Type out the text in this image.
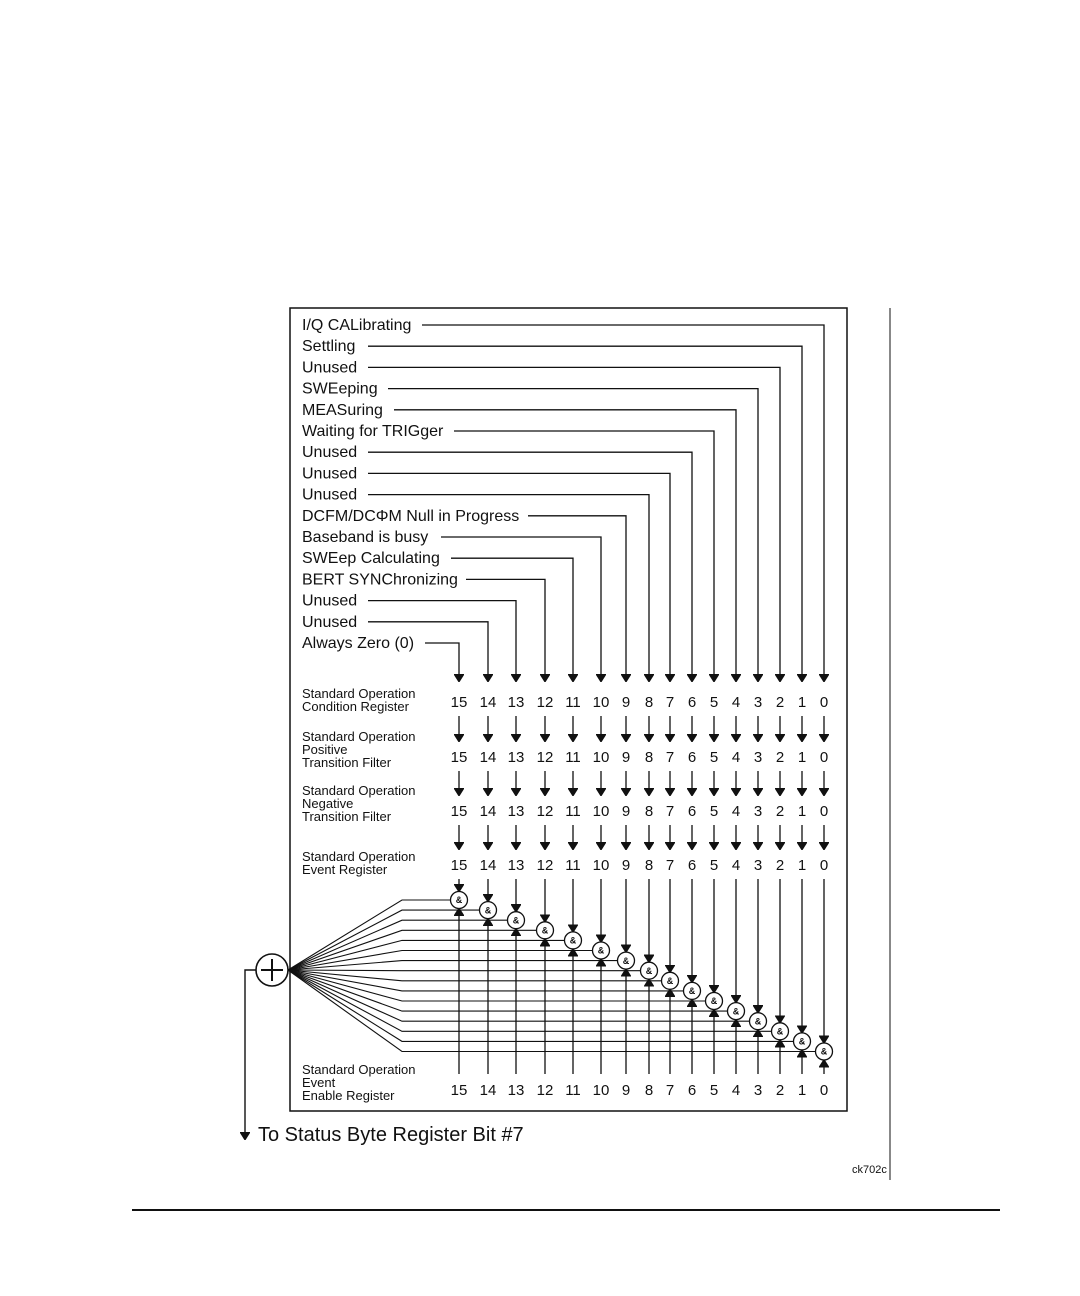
I/Q CALibrating
Settling
Unused
SWEeping
MEASuring
Waiting for TRIGger
Unused
Unused
Unused
DCFM/DCΦM Null in Progress
Baseband is busy
SWEep Calculating
BERT SYNChronizing
Unused
Unused
Always Zero (0)
Standard Operation
Condition Register	15 14 13 12 11 10 9 8 7 6 5 4 3 2 1 0
Standard Operation
Positive
Transition Filter	15 14 13 12 11 10 9 8 7 6 5 4 3 2 1 0
Standard Operation
Negative
Transition Filter	15 14 13 12 11 10 9 8 7 6 5 4 3 2 1 0
Standard Operation
Event Register	15 14 13 12 11 10 9 8 7 6 5 4 3 2 1 0
Standard Operation
Event
Enable Register	15 14 13 12 11 10 9 8 7 6 5 4 3 2 1 0
&
&
&
&
&
&
&
&
&
&
&
&
&
&
&
&
To Status Byte Register Bit #7
ck702c
